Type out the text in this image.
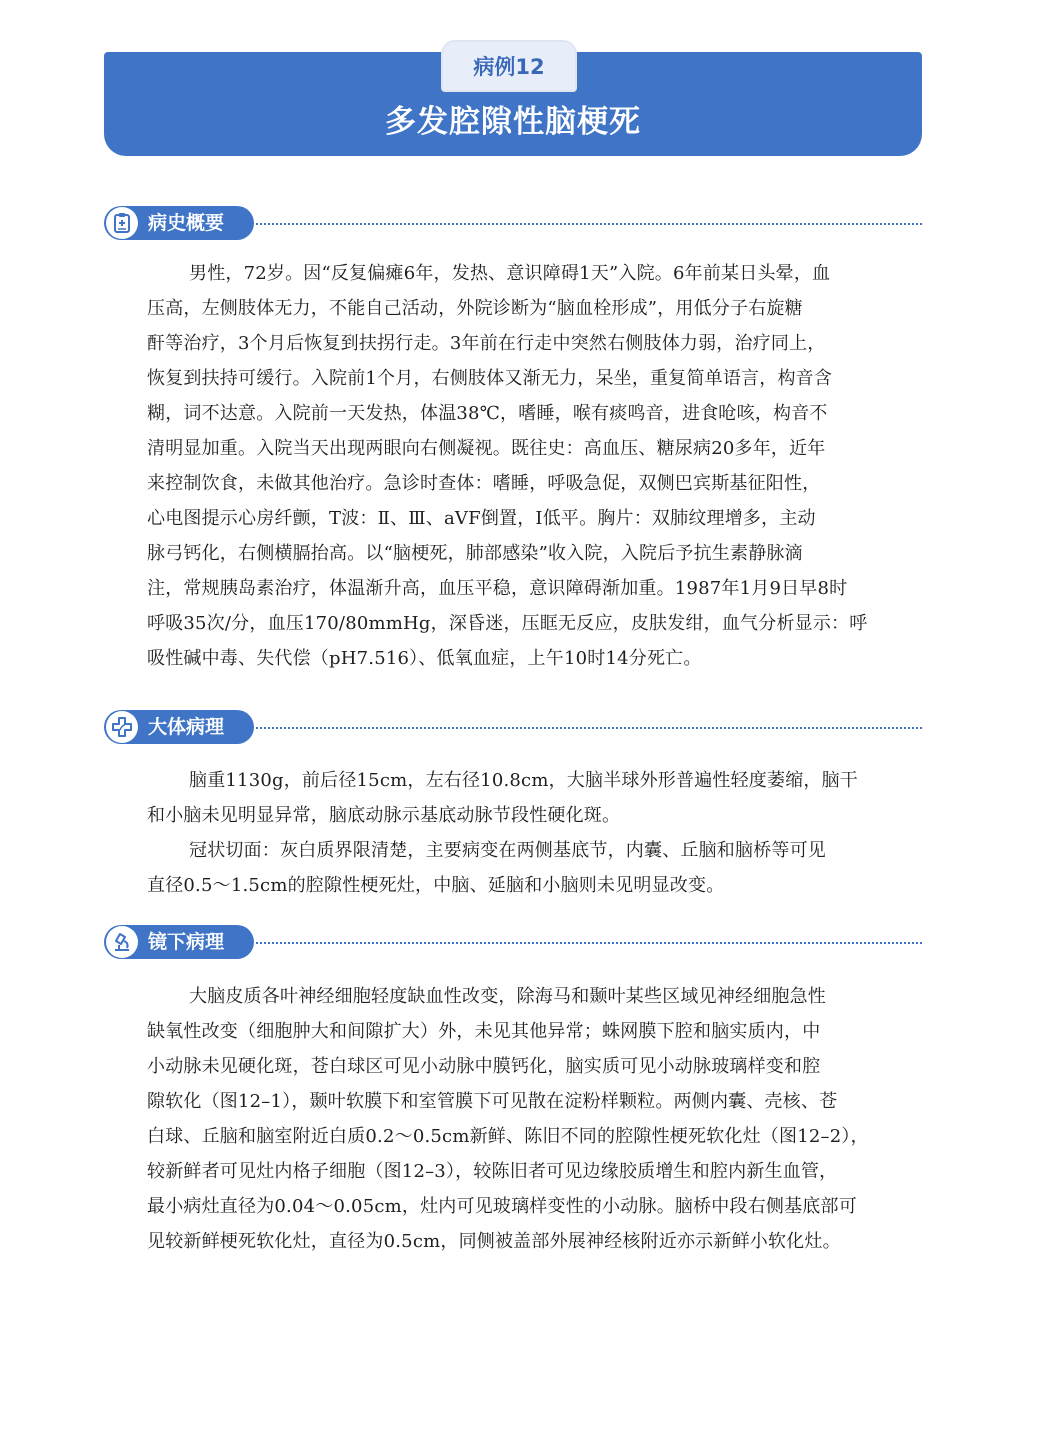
病例12
多发腔隙性脑梗死
病史概要
男性，72岁。因“反复偏瘫6年，发热、意识障碍1天”入院。6年前某日头晕，血
压高，左侧肢体无力，不能自己活动，外院诊断为“脑血栓形成”，用低分子右旋糖
酐等治疗，3个月后恢复到扶拐行走。3年前在行走中突然右侧肢体力弱，治疗同上，
恢复到扶持可缓行。入院前1个月，右侧肢体又渐无力，呆坐，重复简单语言，构音含
糊，词不达意。入院前一天发热，体温38℃，嗜睡，喉有痰鸣音，进食呛咳，构音不
清明显加重。入院当天出现两眼向右侧凝视。既往史：高血压、糖尿病20多年，近年
来控制饮食，未做其他治疗。急诊时查体：嗜睡，呼吸急促，双侧巴宾斯基征阳性，
心电图提示心房纤颤，T波：Ⅱ、Ⅲ、aVF倒置，Ⅰ低平。胸片：双肺纹理增多，主动
脉弓钙化，右侧横膈抬高。以“脑梗死，肺部感染”收入院，入院后予抗生素静脉滴
注，常规胰岛素治疗，体温渐升高，血压平稳，意识障碍渐加重。1987年1月9日早8时
呼吸35次/分，血压170/80mmHg，深昏迷，压眶无反应，皮肤发绀，血气分析显示：呼
吸性碱中毒、失代偿（pH7.516）、低氧血症，上午10时14分死亡。
大体病理
脑重1130g，前后径15cm，左右径10.8cm，大脑半球外形普遍性轻度萎缩，脑干
和小脑未见明显异常，脑底动脉示基底动脉节段性硬化斑。
冠状切面：灰白质界限清楚，主要病变在两侧基底节，内囊、丘脑和脑桥等可见
直径0.5～1.5cm的腔隙性梗死灶，中脑、延脑和小脑则未见明显改变。
镜下病理
大脑皮质各叶神经细胞轻度缺血性改变，除海马和颞叶某些区域见神经细胞急性
缺氧性改变（细胞肿大和间隙扩大）外，未见其他异常；蛛网膜下腔和脑实质内，中
小动脉未见硬化斑，苍白球区可见小动脉中膜钙化，脑实质可见小动脉玻璃样变和腔
隙软化（图12–1），颞叶软膜下和室管膜下可见散在淀粉样颗粒。两侧内囊、壳核、苍
白球、丘脑和脑室附近白质0.2～0.5cm新鲜、陈旧不同的腔隙性梗死软化灶（图12–2），
较新鲜者可见灶内格子细胞（图12–3），较陈旧者可见边缘胶质增生和腔内新生血管，
最小病灶直径为0.04～0.05cm，灶内可见玻璃样变性的小动脉。脑桥中段右侧基底部可
见较新鲜梗死软化灶，直径为0.5cm，同侧被盖部外展神经核附近亦示新鲜小软化灶。
